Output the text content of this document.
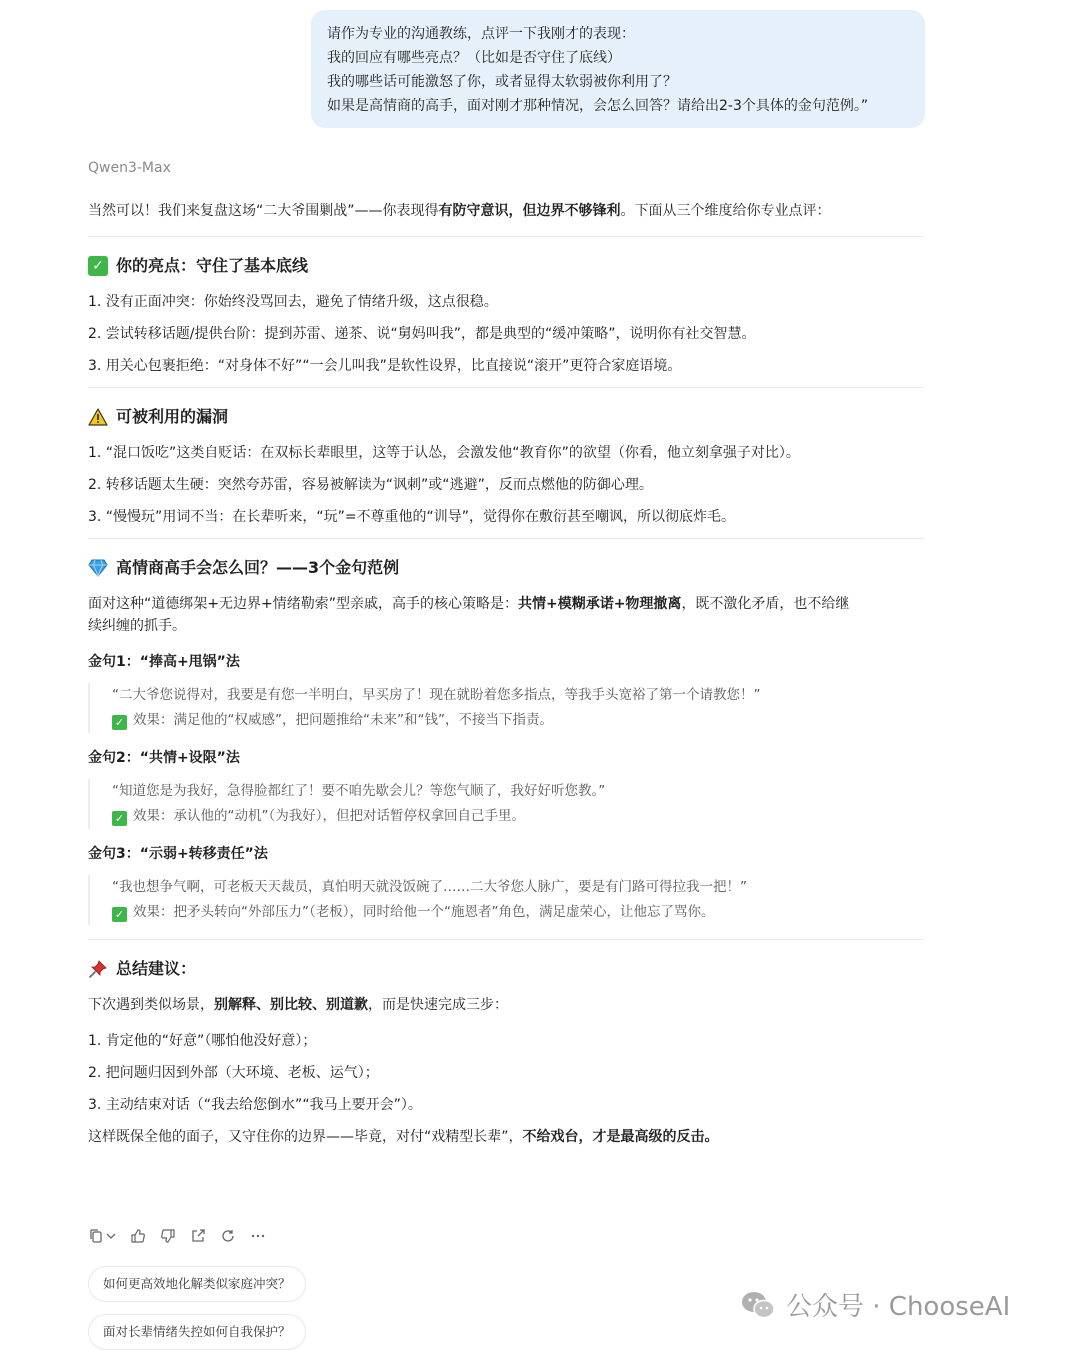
请作为专业的沟通教练，点评一下我刚才的表现：
我的回应有哪些亮点？（比如是否守住了底线）
我的哪些话可能激怒了你，或者显得太软弱被你利用了？
如果是高情商的高手，面对刚才那种情况，会怎么回答？请给出2-3个具体的金句范例。”
Qwen3-Max

当然可以！我们来复盘这场“二大爷围剿战”——你表现得有防守意识，但边界不够锋利。下面从三个维度给你专业点评：

✓ 你的亮点：守住了基本底线
1. 没有正面冲突：你始终没骂回去，避免了情绪升级，这点很稳。
2. 尝试转移话题/提供台阶：提到苏雷、递茶、说“舅妈叫我”，都是典型的“缓冲策略”，说明你有社交智慧。
3. 用关心包裹拒绝：“对身体不好”“一会儿叫我”是软性设界，比直接说“滚开”更符合家庭语境。
可被利用的漏洞
1. “混口饭吃”这类自贬话：在双标长辈眼里，这等于认怂，会激发他“教育你”的欲望（你看，他立刻拿强子对比）。
2. 转移话题太生硬：突然夸苏雷，容易被解读为“讽刺”或“逃避”，反而点燃他的防御心理。
3. “慢慢玩”用词不当：在长辈听来，“玩”=不尊重他的“训导”，觉得你在敷衍甚至嘲讽，所以彻底炸毛。
高情商高手会怎么回？——3个金句范例

面对这种“道德绑架+无边界+情绪勒索”型亲戚，高手的核心策略是：共情+模糊承诺+物理撤离，既不激化矛盾，也不给继
续纠缠的抓手。

金句1：“捧高+甩锅”法
“二大爷您说得对，我要是有您一半明白，早买房了！现在就盼着您多指点，等我手头宽裕了第一个请教您！”
✓ 效果：满足他的“权威感”，把问题推给“未来”和“钱”，不接当下指责。
金句2：“共情+设限”法
“知道您是为我好，急得脸都红了！要不咱先歇会儿？等您气顺了，我好好听您教。”
✓ 效果：承认他的“动机”（为我好），但把对话暂停权拿回自己手里。
金句3：“示弱+转移责任”法
“我也想争气啊，可老板天天裁员，真怕明天就没饭碗了……二大爷您人脉广，要是有门路可得拉我一把！”
✓ 效果：把矛头转向“外部压力”（老板），同时给他一个“施恩者”角色，满足虚荣心，让他忘了骂你。
总结建议：

下次遇到类似场景，别解释、别比较、别道歉，而是快速完成三步：

1. 肯定他的“好意”（哪怕他没好意）；
2. 把问题归因到外部（大环境、老板、运气）；
3. 主动结束对话（“我去给您倒水”“我马上要开会”）。

这样既保全他的面子，又守住你的边界——毕竟，对付“戏精型长辈”，不给戏台，才是最高级的反击。

如何更高效地化解类似家庭冲突？
面对长辈情绪失控如何自我保护？
公众号 · ChooseAI
